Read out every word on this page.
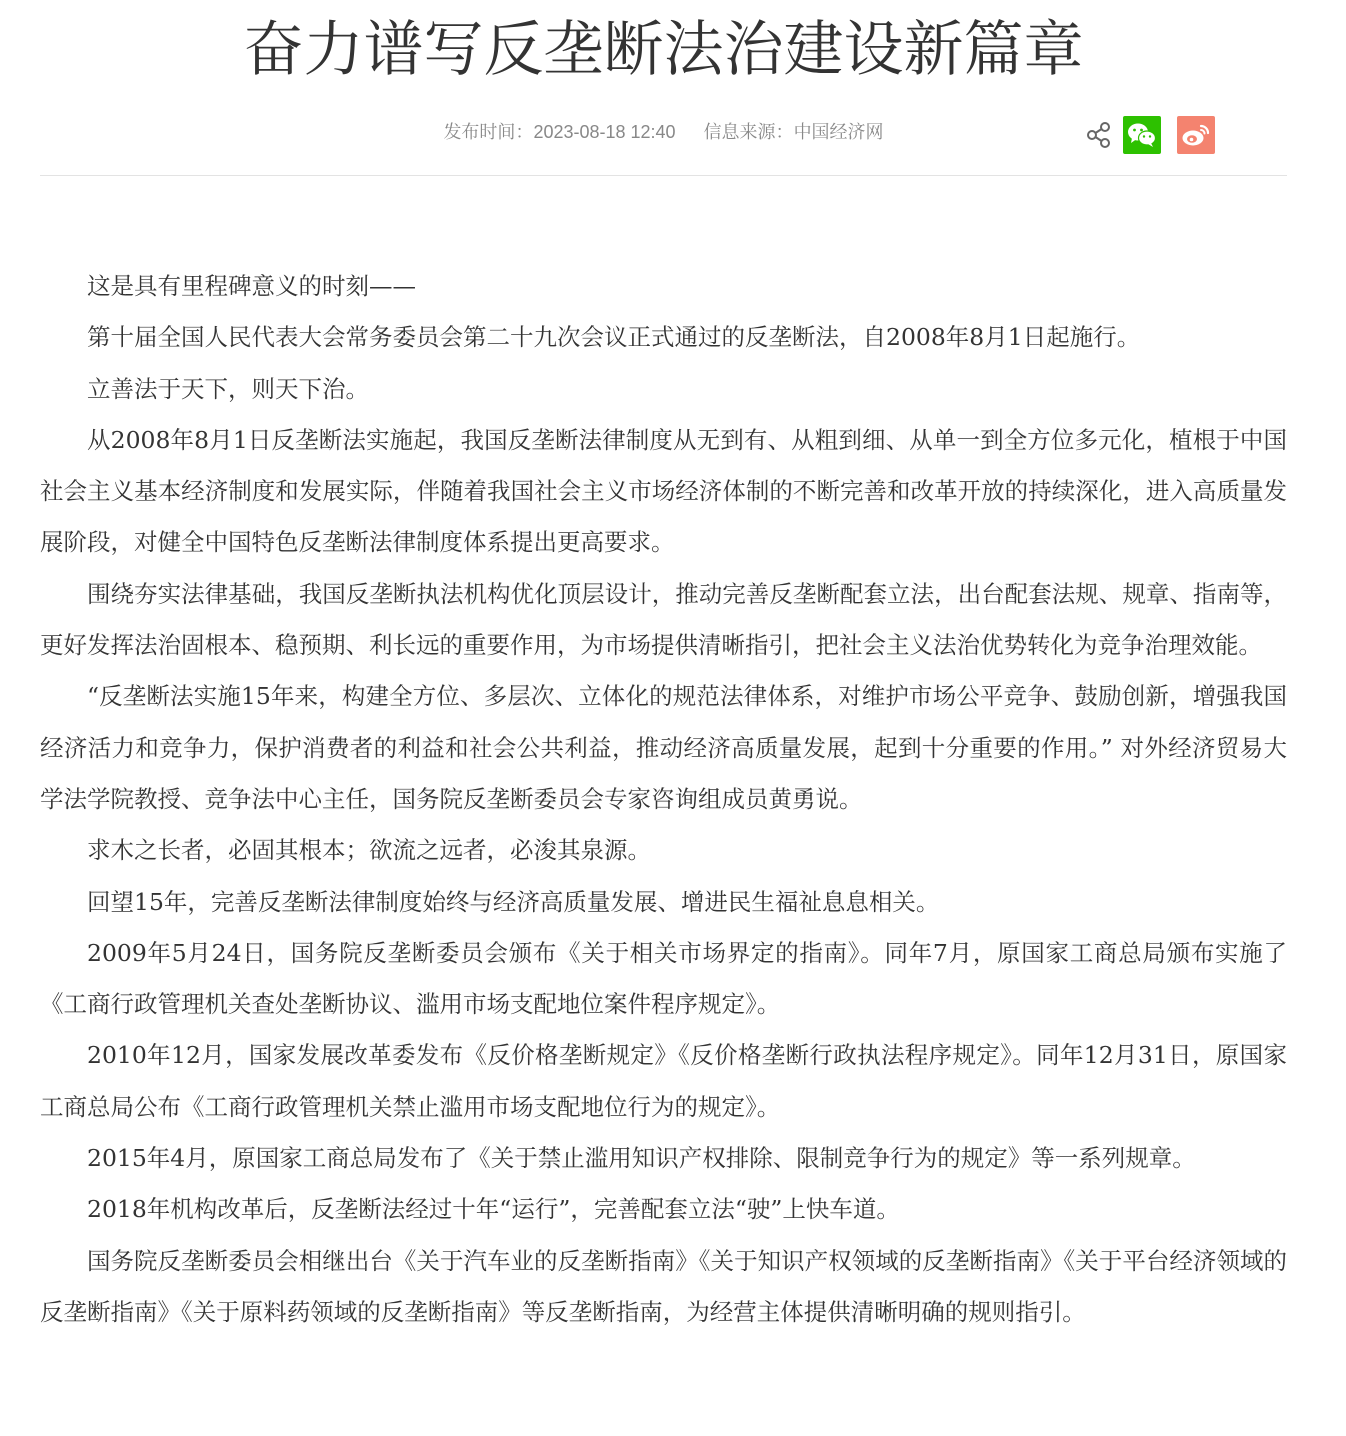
奋力谱写反垄断法治建设新篇章
发布时间：2023-08-18 12:40 信息来源：中国经济网

这是具有里程碑意义的时刻——

第十届全国人民代表大会常务委员会第二十九次会议正式通过的反垄断法，自2008年8月1日起施行。

立善法于天下，则天下治。

从2008年8月1日反垄断法实施起，我国反垄断法律制度从无到有、从粗到细、从单一到全方位多元化，植根于中国社会主义基本经济制度和发展实际，伴随着我国社会主义市场经济体制的不断完善和改革开放的持续深化，进入高质量发展阶段，对健全中国特色反垄断法律制度体系提出更高要求。

围绕夯实法律基础，我国反垄断执法机构优化顶层设计，推动完善反垄断配套立法，出台配套法规、规章、指南等，更好发挥法治固根本、稳预期、利长远的重要作用，为市场提供清晰指引，把社会主义法治优势转化为竞争治理效能。

“反垄断法实施15年来，构建全方位、多层次、立体化的规范法律体系，对维护市场公平竞争、鼓励创新，增强我国经济活力和竞争力，保护消费者的利益和社会公共利益，推动经济高质量发展，起到十分重要的作用。” 对外经济贸易大学法学院教授、竞争法中心主任，国务院反垄断委员会专家咨询组成员黄勇说。

求木之长者，必固其根本；欲流之远者，必浚其泉源。

回望15年，完善反垄断法律制度始终与经济高质量发展、增进民生福祉息息相关。

2009年5月24日，国务院反垄断委员会颁布《关于相关市场界定的指南》。同年7月，原国家工商总局颁布实施了《工商行政管理机关查处垄断协议、滥用市场支配地位案件程序规定》。

2010年12月，国家发展改革委发布《反价格垄断规定》《反价格垄断行政执法程序规定》。同年12月31日，原国家工商总局公布《工商行政管理机关禁止滥用市场支配地位行为的规定》。

2015年4月，原国家工商总局发布了《关于禁止滥用知识产权排除、限制竞争行为的规定》等一系列规章。

2018年机构改革后，反垄断法经过十年“运行”，完善配套立法“驶”上快车道。

国务院反垄断委员会相继出台《关于汽车业的反垄断指南》《关于知识产权领域的反垄断指南》《关于平台经济领域的反垄断指南》《关于原料药领域的反垄断指南》等反垄断指南，为经营主体提供清晰明确的规则指引。
